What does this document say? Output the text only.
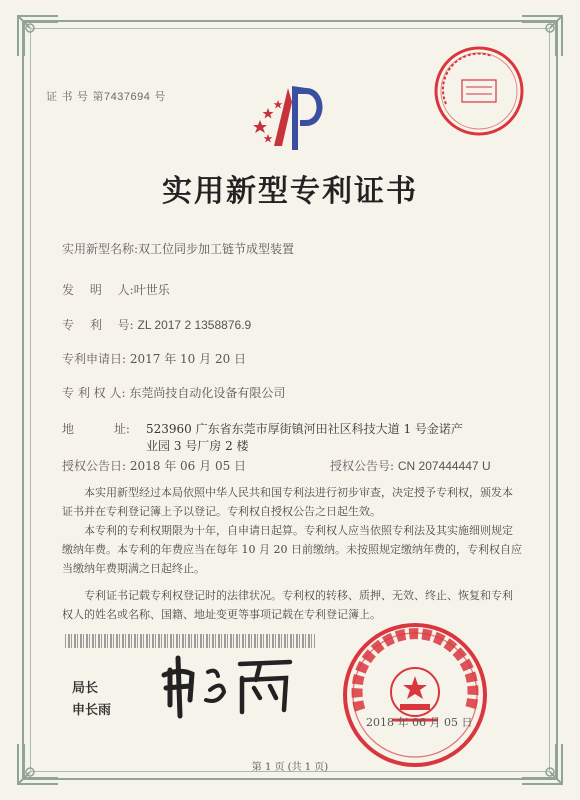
证 书 号 第7437694 号
实用新型专利证书
实用新型名称:双工位同步加工链节成型装置
发　 明　 人:叶世乐
专　 利　 号: ZL 2017 2 1358876.9
专利申请日: 2017 年 10 月 20 日
专 利 权 人: 东莞尚技自动化设备有限公司
地　　　 址: 523960 广东省东莞市厚街镇河田社区科技大道 1 号金诺产
业园 3 号厂房 2 楼
授权公告日: 2018 年 06 月 05 日	授权公告号: CN 207444447 U
本实用新型经过本局依照中华人民共和国专利法进行初步审查，决定授予专利权，颁发本证书并在专利登记簿上予以登记。专利权自授权公告之日起生效。
本专利的专利权期限为十年，自申请日起算。专利权人应当依照专利法及其实施细则规定缴纳年费。本专利的年费应当在每年 10 月 20 日前缴纳。未按照规定缴纳年费的，专利权自应当缴纳年费期满之日起终止。
专利证书记载专利权登记时的法律状况。专利权的转移、质押、无效、终止、恢复和专利权人的姓名或名称、国籍、地址变更等事项记载在专利登记簿上。
局长
申长雨
2018 年 06 月 05 日
第 1 页 (共 1 页)
